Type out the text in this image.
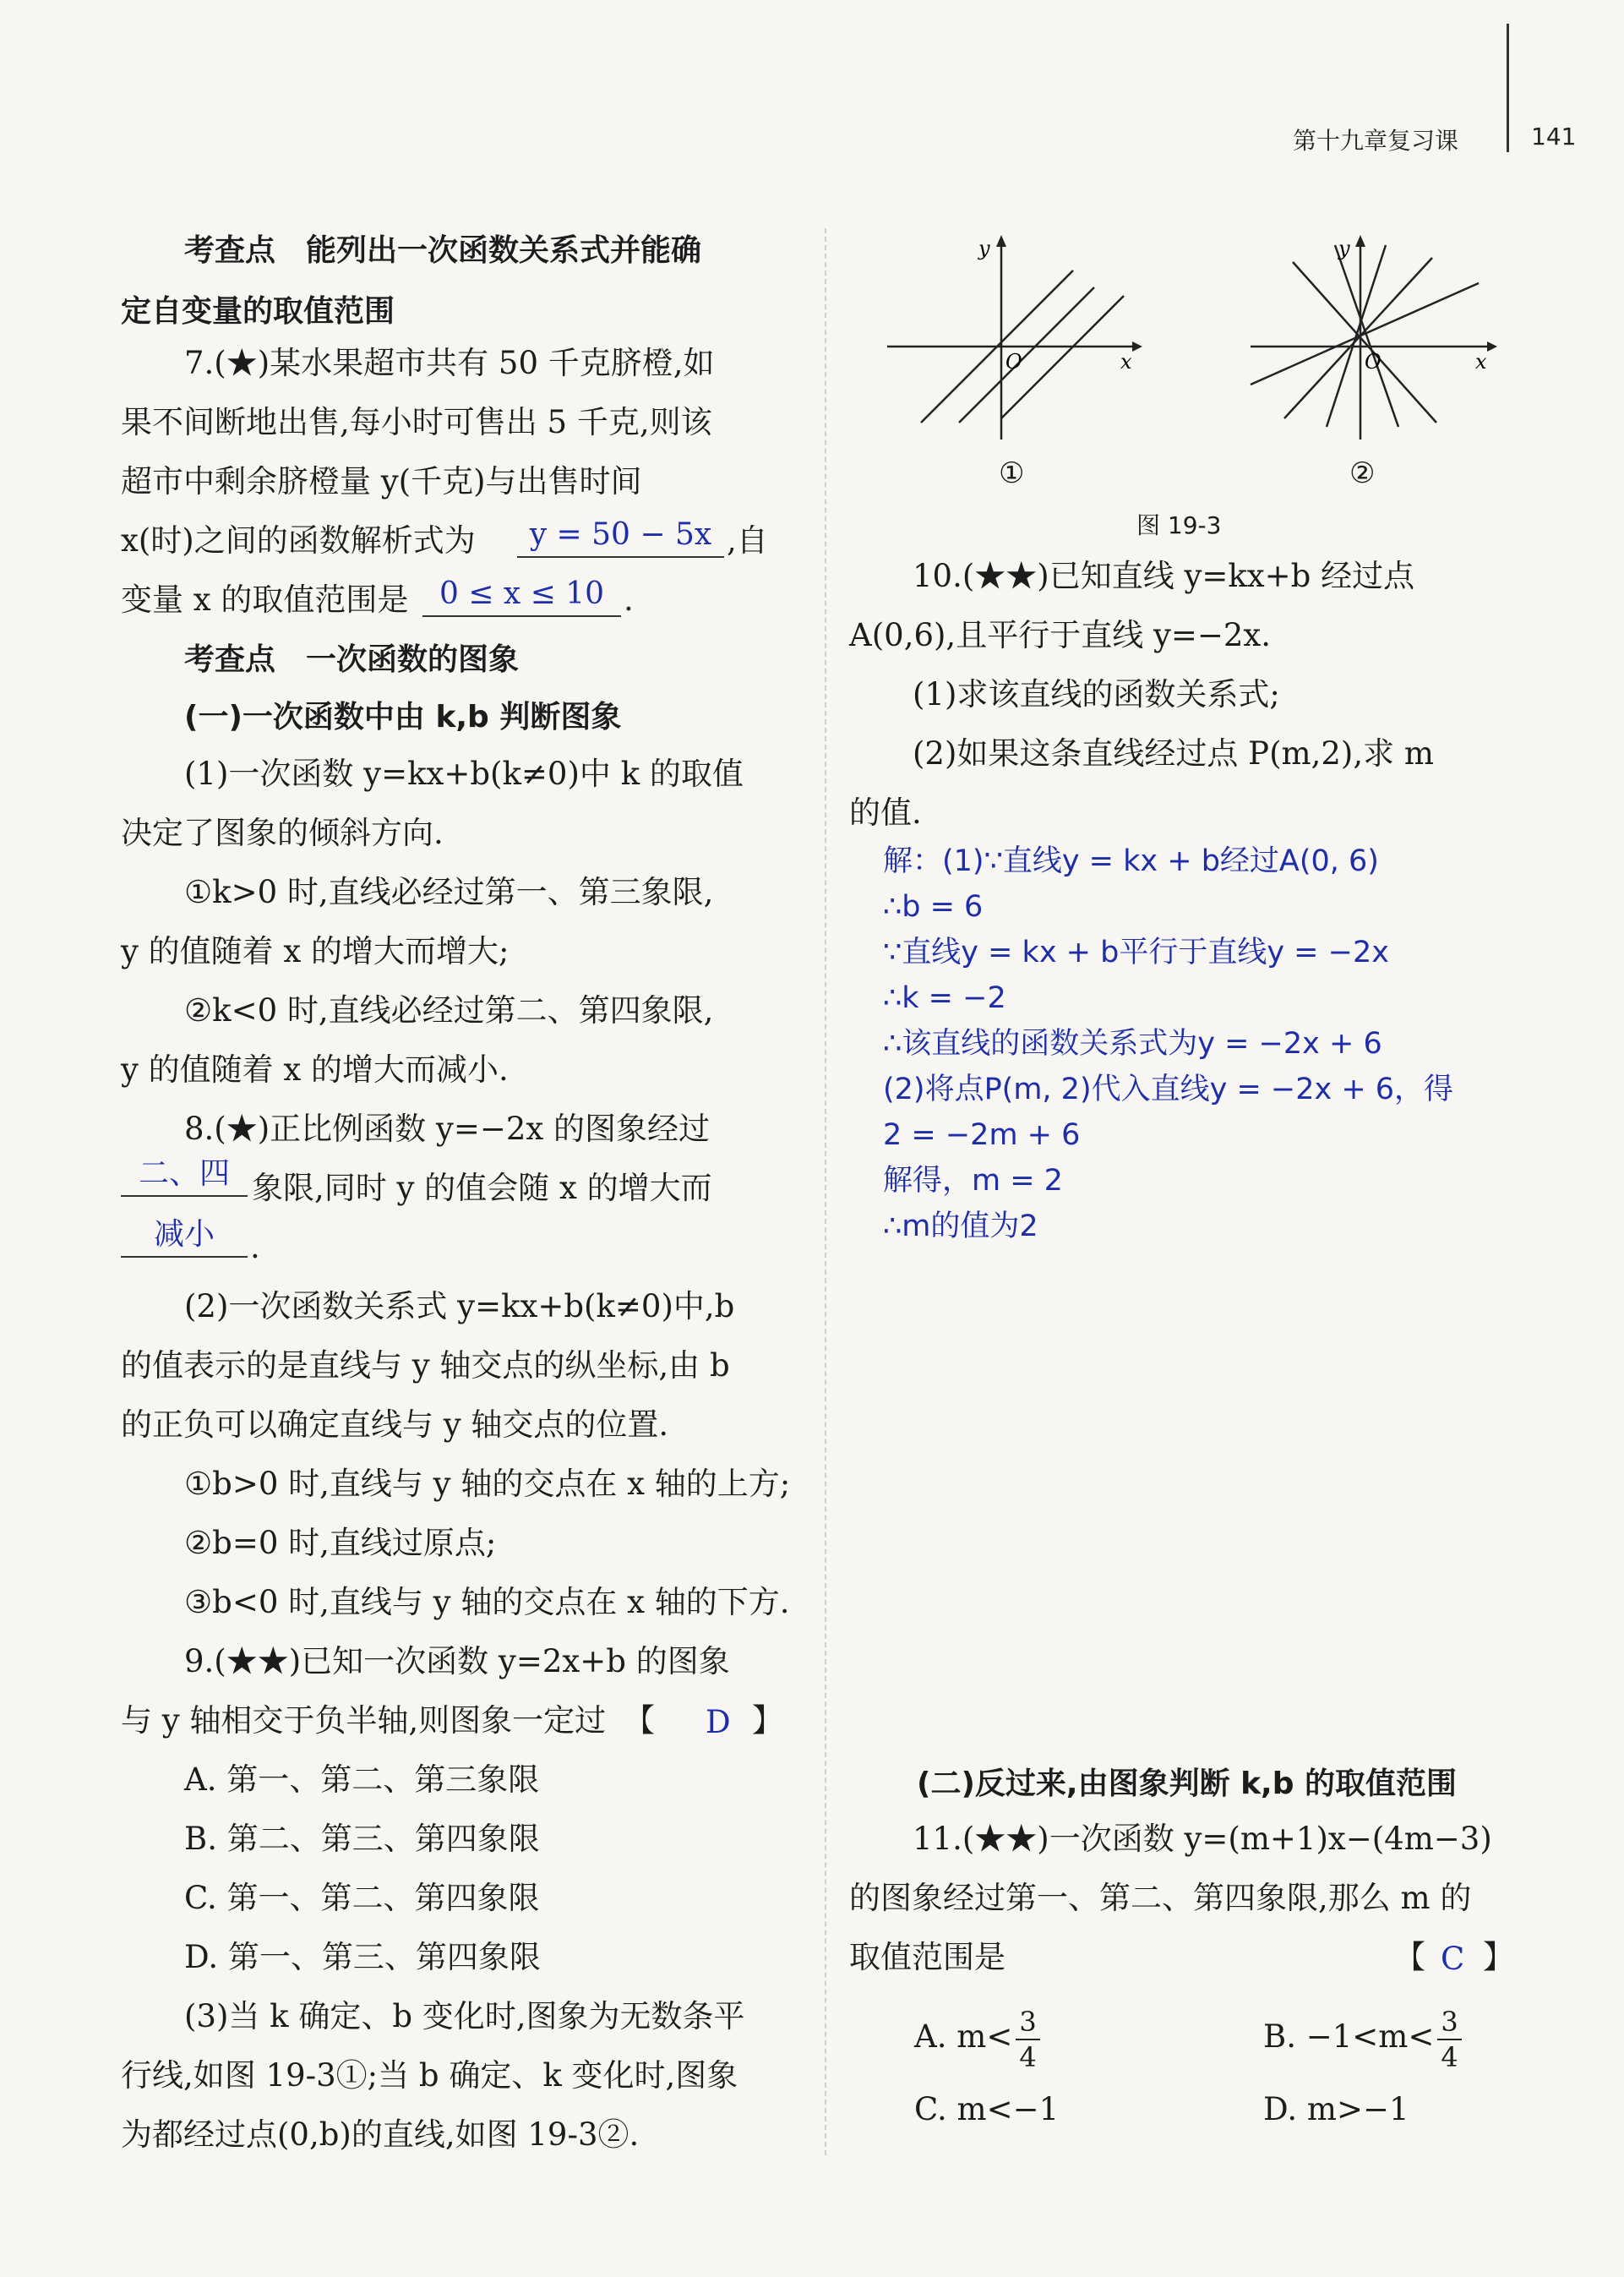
第十九章复习课	141
考查点　能列出一次函数关系式并能确
定自变量的取值范围
7.(★)某水果超市共有 50 千克脐橙,如
果不间断地出售,每小时可售出 5 千克,则该
超市中剩余脐橙量 y(千克)与出售时间
x(时)之间的函数解析式为	y = 50 − 5x ,自
变量 x 的取值范围是	0 ≤ x ≤ 10 .
考查点　一次函数的图象
(一)一次函数中由 k,b 判断图象
(1)一次函数 y=kx+b(k≠0)中 k 的取值
决定了图象的倾斜方向.
①k>0 时,直线必经过第一、第三象限,
y 的值随着 x 的增大而增大;
②k<0 时,直线必经过第二、第四象限,
y 的值随着 x 的增大而减小.
8.(★)正比例函数 y=−2x 的图象经过
二、四 象限,同时 y 的值会随 x 的增大而
减小	.
(2)一次函数关系式 y=kx+b(k≠0)中,b
的值表示的是直线与 y 轴交点的纵坐标,由 b
的正负可以确定直线与 y 轴交点的位置.
①b>0 时,直线与 y 轴的交点在 x 轴的上方;
②b=0 时,直线过原点;
③b<0 时,直线与 y 轴的交点在 x 轴的下方.
9.(★★)已知一次函数 y=2x+b 的图象
与 y 轴相交于负半轴,则图象一定过 【 D 】
A. 第一、第二、第三象限
B. 第二、第三、第四象限
C. 第一、第二、第四象限
D. 第一、第三、第四象限
(3)当 k 确定、b 变化时,图象为无数条平
行线,如图 19-3①;当 b 确定、k 变化时,图象
为都经过点(0,b)的直线,如图 19-3②.
y
O	x
y
O	x
①	②
图 19-3
10.(★★)已知直线 y=kx+b 经过点
A(0,6),且平行于直线 y=−2x.
(1)求该直线的函数关系式;
(2)如果这条直线经过点 P(m,2),求 m
的值.
解：(1)∵直线y = kx + b经过A(0, 6)
∴b = 6
∵直线y = kx + b平行于直线y = −2x
∴k = −2
∴该直线的函数关系式为y = −2x + 6
(2)将点P(m, 2)代入直线y = −2x + 6，得
2 = −2m + 6
解得，m = 2
∴m的值为2
(二)反过来,由图象判断 k,b 的取值范围
11.(★★)一次函数 y=(m+1)x−(4m−3)
的图象经过第一、第二、第四象限,那么 m 的
取值范围是	【 C 】
A. $m< \frac{3}{4}$	B. $-1<m< \frac{3}{4}$
C. m<−1	D. m>−1
